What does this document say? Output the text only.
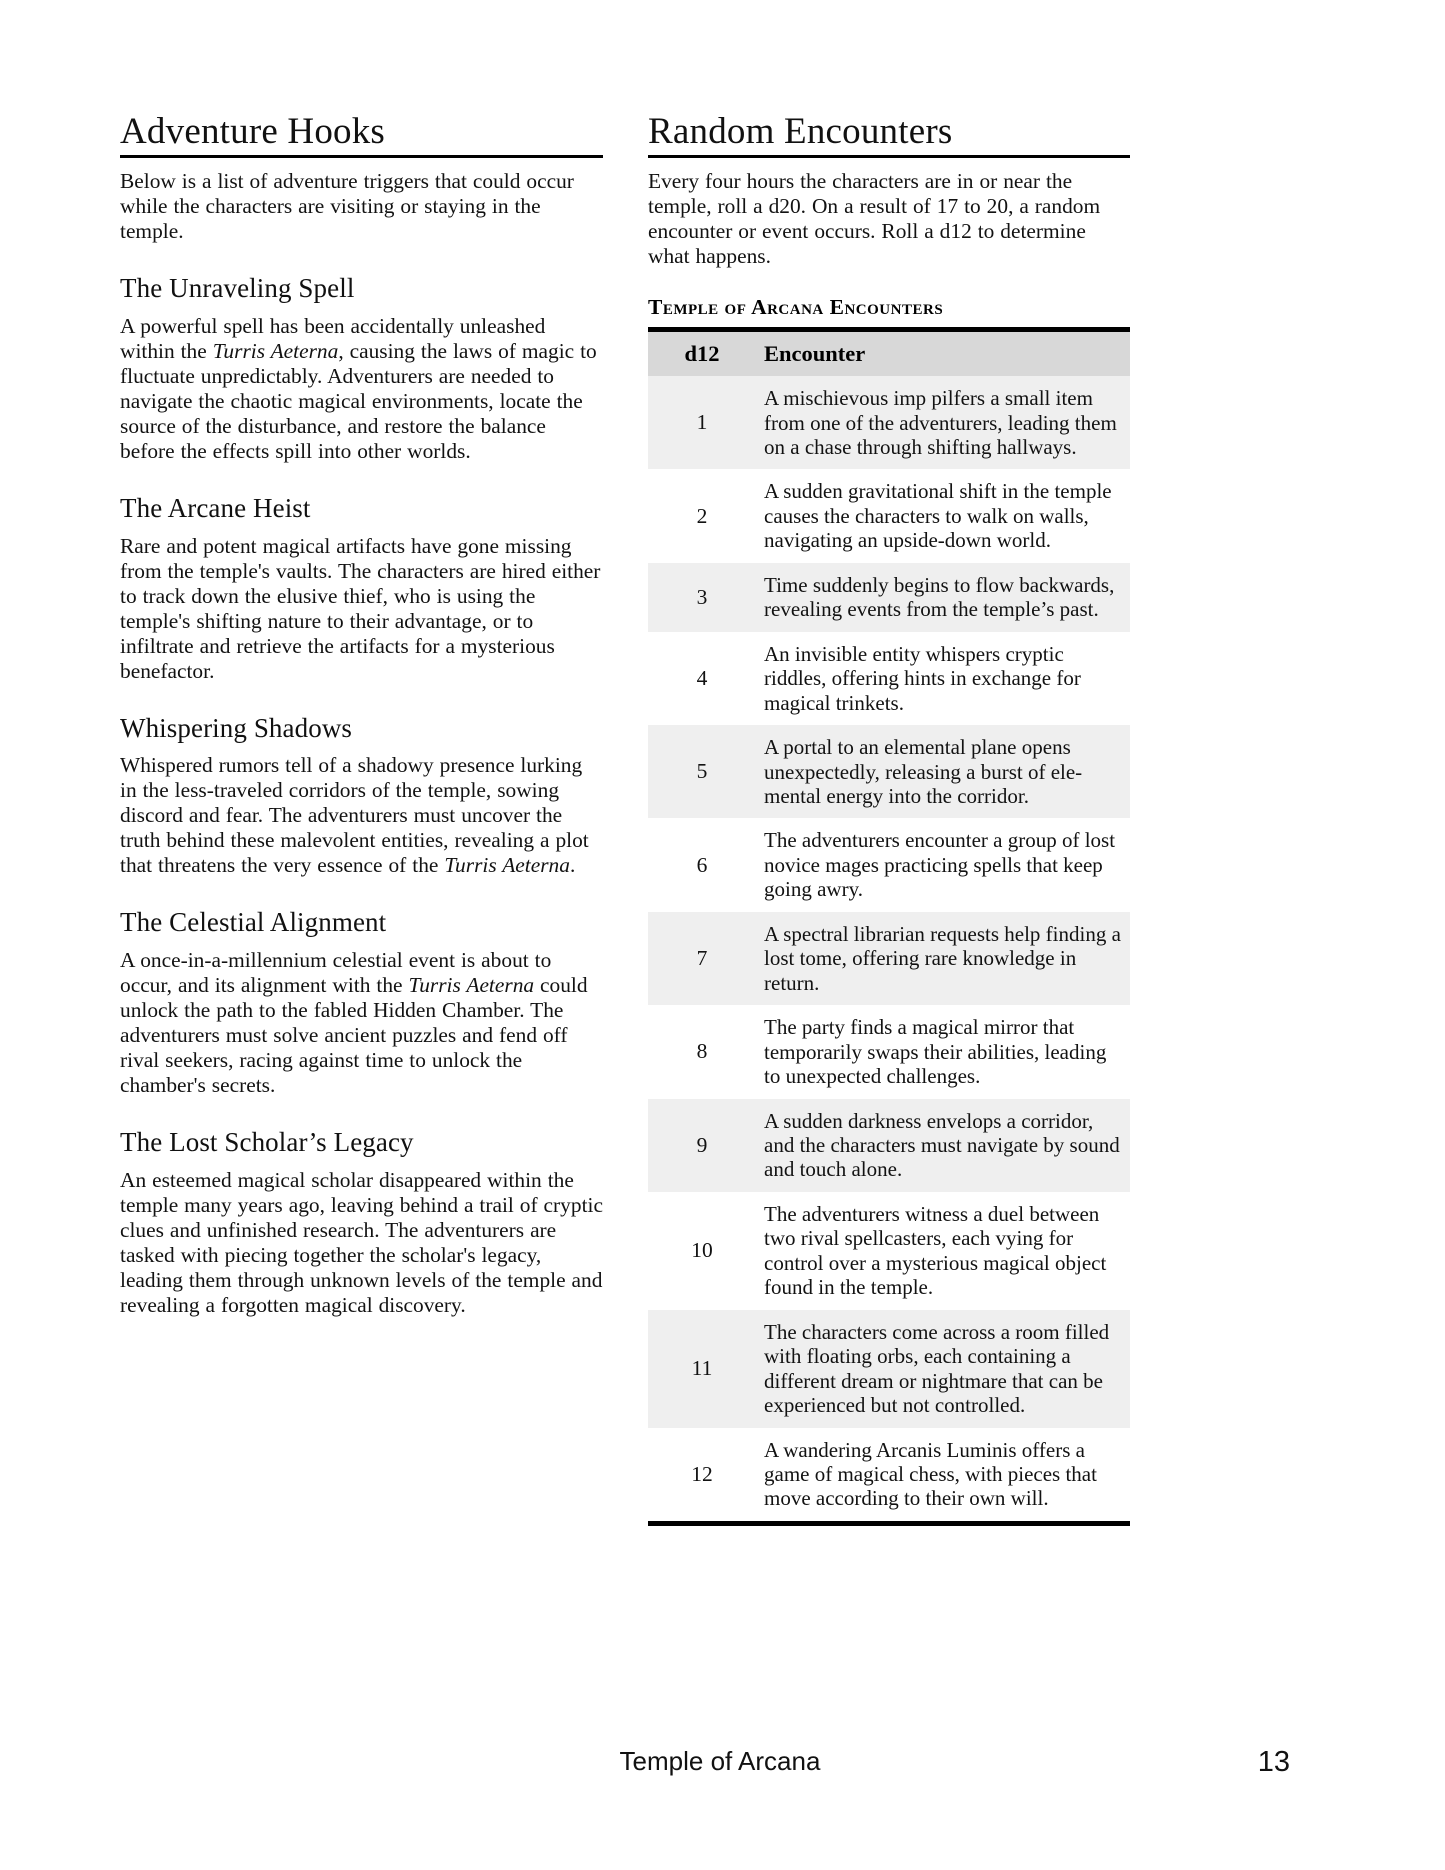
Adventure Hooks

Below is a list of adventure triggers that could occur while the characters are visiting or staying in the temple.

The Unraveling Spell

A powerful spell has been accidentally unleashed within the Turris Aeterna, causing the laws of magic to fluctuate unpredictably. Adventurers are needed to navigate the chaotic magical environments, locate the source of the disturbance, and restore the balance before the effects spill into other worlds.

The Arcane Heist

Rare and potent magical artifacts have gone missing from the temple's vaults. The characters are hired either to track down the elusive thief, who is using the temple's shifting nature to their advantage, or to infiltrate and retrieve the artifacts for a mysterious benefactor.

Whispering Shadows

Whispered rumors tell of a shadowy presence lurking in the less-traveled corridors of the temple, sowing discord and fear. The adventurers must uncover the truth behind these malevolent entities, revealing a plot that threatens the very essence of the Turris Aeterna.

The Celestial Alignment

A once-in-a-millennium celestial event is about to occur, and its alignment with the Turris Aeterna could unlock the path to the fabled Hidden Chamber. The adventurers must solve ancient puzzles and fend off rival seekers, racing against time to unlock the chamber's secrets.

The Lost Scholar’s Legacy

An esteemed magical scholar disappeared within the temple many years ago, leaving behind a trail of cryptic clues and unfinished research. The adventurers are tasked with piecing together the scholar's legacy, leading them through unknown levels of the temple and revealing a forgotten magical discovery.

Random Encounters

Every four hours the characters are in or near the temple, roll a d20. On a result of 17 to 20, a random encounter or event occurs. Roll a d12 to determine what happens.

Temple of Arcana Encounters
d12	Encounter
1	A mischievous imp pilfers a small item from one of the adventurers, leading them on a chase through shifting hallways.
2	A sudden gravitational shift in the temple causes the characters to walk on walls, navigating an upside-down world.
3	Time suddenly begins to flow backwards, revealing events from the temple’s past.
4	An invisible entity whispers cryptic riddles, offering hints in exchange for magical trinkets.
5	A portal to an elemental plane opens unexpectedly, releasing a burst of ele-mental energy into the corridor.
6	The adventurers encounter a group of lost novice mages practicing spells that keep going awry.
7	A spectral librarian requests help finding a lost tome, offering rare knowledge in return.
8	The party finds a magical mirror that temporarily swaps their abilities, leading to unexpected challenges.
9	A sudden darkness envelops a corridor, and the characters must navigate by sound and touch alone.
10	The adventurers witness a duel between two rival spellcasters, each vying for control over a mysterious magical object found in the temple.
11	The characters come across a room filled with floating orbs, each containing a different dream or nightmare that can be experienced but not controlled.
12	A wandering Arcanis Luminis offers a game of magical chess, with pieces that move according to their own will.
Temple of Arcana	13
